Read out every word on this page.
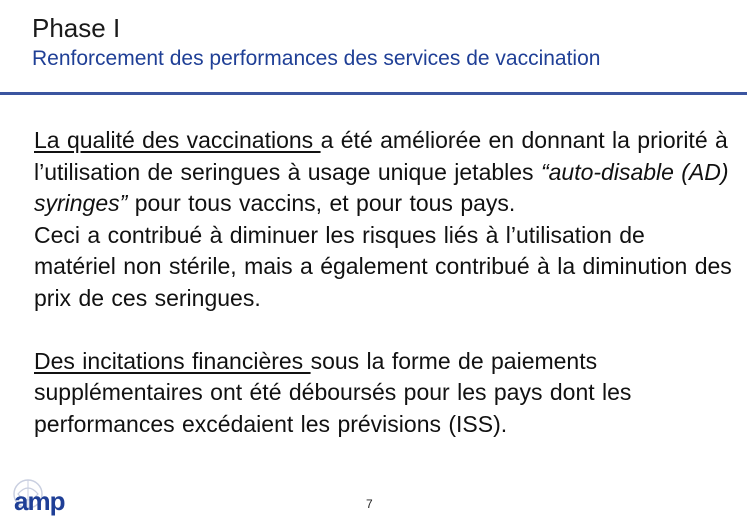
Phase I
Renforcement des performances des services de vaccination

La qualité des vaccinations a été améliorée en donnant la priorité à l’utilisation de seringues à usage unique jetables “auto-disable (AD) syringes” pour tous vaccins, et pour tous pays.

Ceci a contribué à diminuer les risques liés à l’utilisation de matériel non stérile, mais a également contribué à la diminution des prix de ces seringues.

Des incitations financières sous la forme de paiements supplémentaires ont été déboursés pour les pays dont les performances excédaient les prévisions (ISS).

amp	7
